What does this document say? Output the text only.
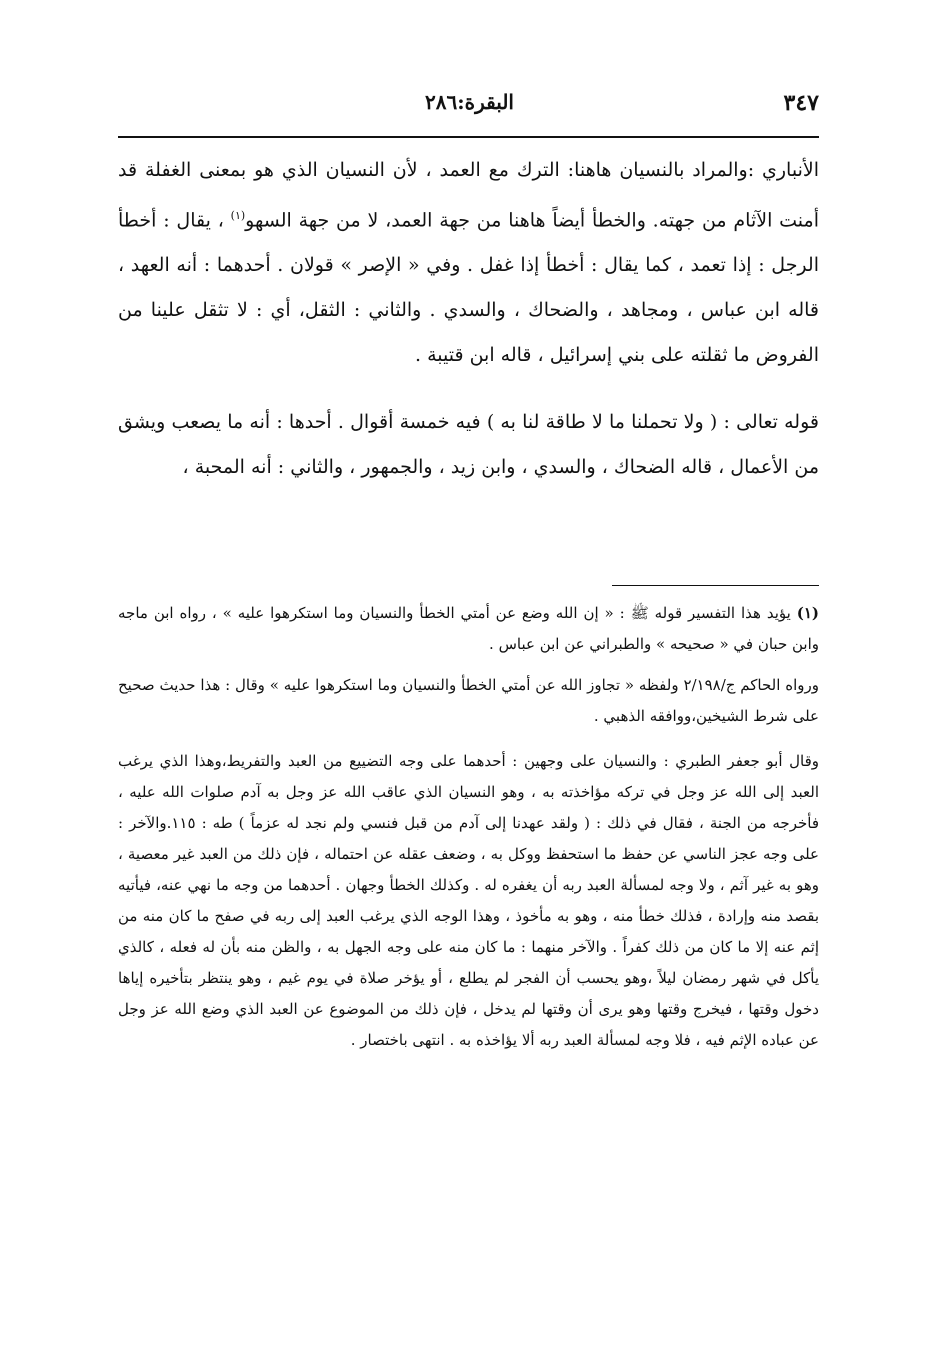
٣٤٧
البقرة:٢٨٦

الأنباري :والمراد بالنسيان هاهنا: الترك مع العمد ، لأن النسيان الذي هو بمعنى الغفلة قد أمنت الآثام من جهته. والخطأ أيضاً هاهنا من جهة العمد، لا من جهة السهو$^{(١)}$ ، يقال : أخطأ الرجل : إذا تعمد ، كما يقال : أخطأ إذا غفل . وفي « الإصر » قولان . أحدهما : أنه العهد ، قاله ابن عباس ، ومجاهد ، والضحاك ، والسدي . والثاني : الثقل، أي : لا تثقل علينا من الفروض ما ثقلته على بني إسرائيل ، قاله ابن قتيبة .

قوله تعالى : ( ولا تحملنا ما لا طاقة لنا به ) فيه خمسة أقوال . أحدها : أنه ما يصعب ويشق من الأعمال ، قاله الضحاك ، والسدي ، وابن زيد ، والجمهور ، والثاني : أنه المحبة ،

(١) يؤيد هذا التفسير قوله ﷺ : « إن الله وضع عن أمتي الخطأ والنسيان وما استكرهوا عليه » ، رواه ابن ماجه وابن حبان في « صحيحه » والطبراني عن ابن عباس .

ورواه الحاكم ج/٢/١٩٨ ولفظه « تجاوز الله عن أمتي الخطأ والنسيان وما استكرهوا عليه » وقال : هذا حديث صحيح على شرط الشيخين،ووافقه الذهبي .

وقال أبو جعفر الطبري : والنسيان على وجهين : أحدهما على وجه التضييع من العبد والتفريط،وهذا الذي يرغب العبد إلى الله عز وجل في تركه مؤاخذته به ، وهو النسيان الذي عاقب الله عز وجل به آدم صلوات الله عليه ، فأخرجه من الجنة ، فقال في ذلك : ( ولقد عهدنا إلى آدم من قبل فنسي ولم نجد له عزماً ) طه : ١١٥.والآخر : على وجه عجز الناسي عن حفظ ما استحفظ ووكل به ، وضعف عقله عن احتماله ، فإن ذلك من العبد غير معصية ، وهو به غير آثم ، ولا وجه لمسألة العبد ربه أن يغفره له . وكذلك الخطأ وجهان . أحدهما من وجه ما نهي عنه، فيأتيه بقصد منه وإرادة ، فذلك خطأ منه ، وهو به مأخوذ ، وهذا الوجه الذي يرغب العبد إلى ربه في صفح ما كان منه من إثم عنه إلا ما كان من ذلك كفراً . والآخر منهما : ما كان منه على وجه الجهل به ، والظن منه بأن له فعله ، كالذي يأكل في شهر رمضان ليلاً ،وهو يحسب أن الفجر لم يطلع ، أو يؤخر صلاة في يوم غيم ، وهو ينتظر بتأخيره إياها دخول وقتها ، فيخرج وقتها وهو يرى أن وقتها لم يدخل ، فإن ذلك من الموضوع عن العبد الذي وضع الله عز وجل عن عباده الإثم فيه ، فلا وجه لمسألة العبد ربه ألا يؤاخذه به . انتهى باختصار .
